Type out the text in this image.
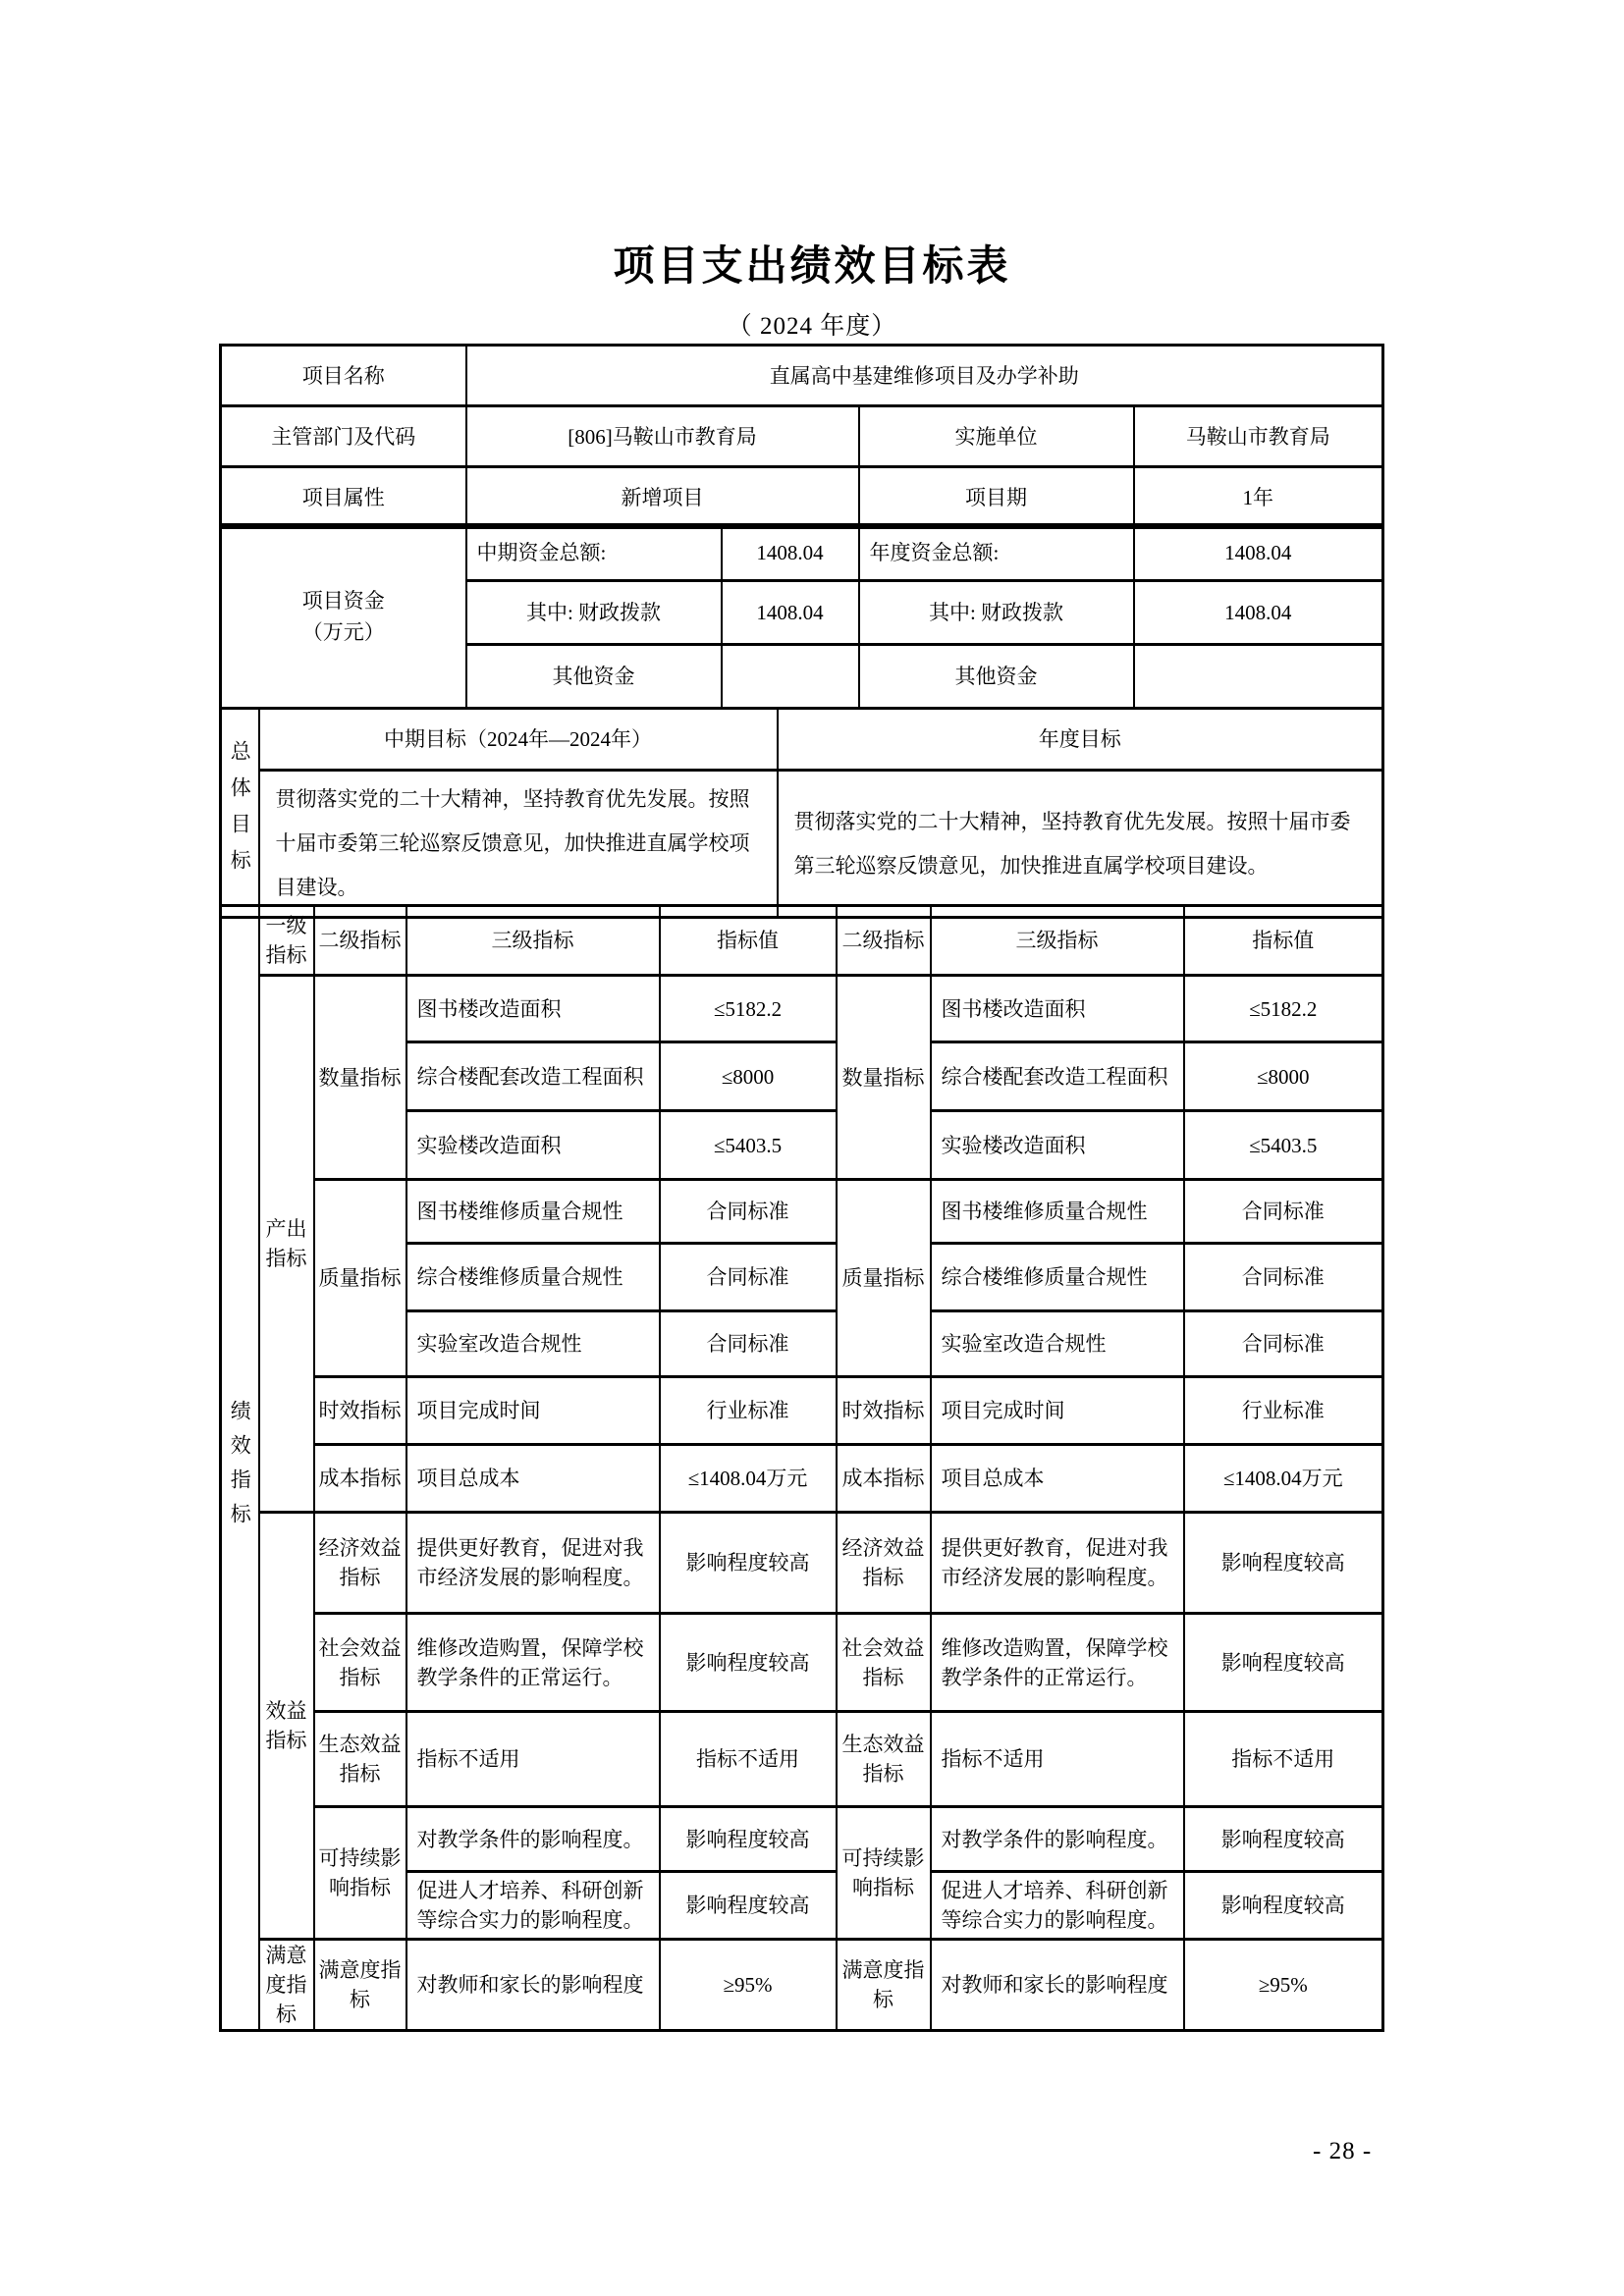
项目支出绩效目标表
（ 2024 年度）
项目名称	直属高中基建维修项目及办学补助		
主管部门及代码	[806]马鞍山市教育局	实施单位	马鞍山市教育局
项目属性	新增项目	项目期	1年
项目资金
（万元）	中期资金总额:	1408.04	年度资金总额:	1408.04
	其中: 财政拨款	1408.04	其中: 财政拨款	1408.04
	其他资金		其他资金	
总体目标	中期目标（2024年—2024年）	年度目标
	贯彻落实党的二十大精神，坚持教育优先发展。按照十届市委第三轮巡察反馈意见，加快推进直属学校项目建设。	贯彻落实党的二十大精神，坚持教育优先发展。按照十届市委第三轮巡察反馈意见，加快推进直属学校项目建设。
绩效指标	一级指标	二级指标	三级指标	指标值	二级指标	三级指标	指标值
	产出指标	数量指标	图书楼改造面积	≤5182.2	数量指标	图书楼改造面积	≤5182.2
			综合楼配套改造工程面积	≤8000		综合楼配套改造工程面积	≤8000
			实验楼改造面积	≤5403.5		实验楼改造面积	≤5403.5
		质量指标	图书楼维修质量合规性	合同标准	质量指标	图书楼维修质量合规性	合同标准
			综合楼维修质量合规性	合同标准		综合楼维修质量合规性	合同标准
			实验室改造合规性	合同标准		实验室改造合规性	合同标准
		时效指标	项目完成时间	行业标准	时效指标	项目完成时间	行业标准
		成本指标	项目总成本	≤1408.04万元	成本指标	项目总成本	≤1408.04万元
	效益指标	经济效益指标	提供更好教育，促进对我市经济发展的影响程度。	影响程度较高	经济效益指标	提供更好教育，促进对我市经济发展的影响程度。	影响程度较高
		社会效益指标	维修改造购置，保障学校教学条件的正常运行。	影响程度较高	社会效益指标	维修改造购置，保障学校教学条件的正常运行。	影响程度较高
		生态效益指标	指标不适用	指标不适用	生态效益指标	指标不适用	指标不适用
		可持续影响指标	对教学条件的影响程度。	影响程度较高	可持续影响指标	对教学条件的影响程度。	影响程度较高
			促进人才培养、科研创新等综合实力的影响程度。	影响程度较高		促进人才培养、科研创新等综合实力的影响程度。	影响程度较高
	满意度指标	满意度指标	对教师和家长的影响程度	≥95%	满意度指标	对教师和家长的影响程度	≥95%
- 28 -
